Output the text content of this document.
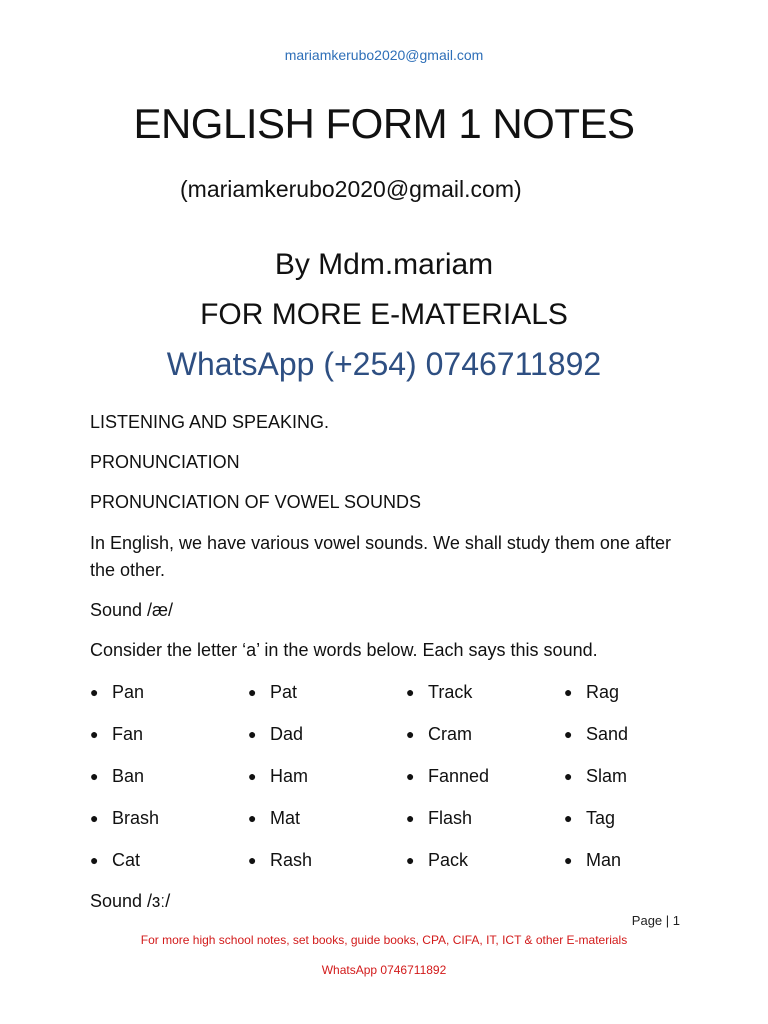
mariamkerubo2020@gmail.com
ENGLISH FORM 1 NOTES
(mariamkerubo2020@gmail.com)
By Mdm.mariam
FOR MORE E-MATERIALS
WhatsApp (+254) 0746711892
LISTENING AND SPEAKING.
PRONUNCIATION
PRONUNCIATION OF VOWEL SOUNDS
In English, we have various vowel sounds. We shall study them one after the other.
Sound /æ/
Consider the letter ‘a’ in the words below. Each says this sound.
● Pan	● Pat	● Track	● Rag
● Fan	● Dad	● Cram	● Sand
● Ban	● Ham	● Fanned	● Slam
● Brash	● Mat	● Flash	● Tag
● Cat	● Rash	● Pack	● Man
Sound /ɜː/
Page | 1
For more high school notes, set books, guide books, CPA, CIFA, IT, ICT & other E-materials
WhatsApp 0746711892
